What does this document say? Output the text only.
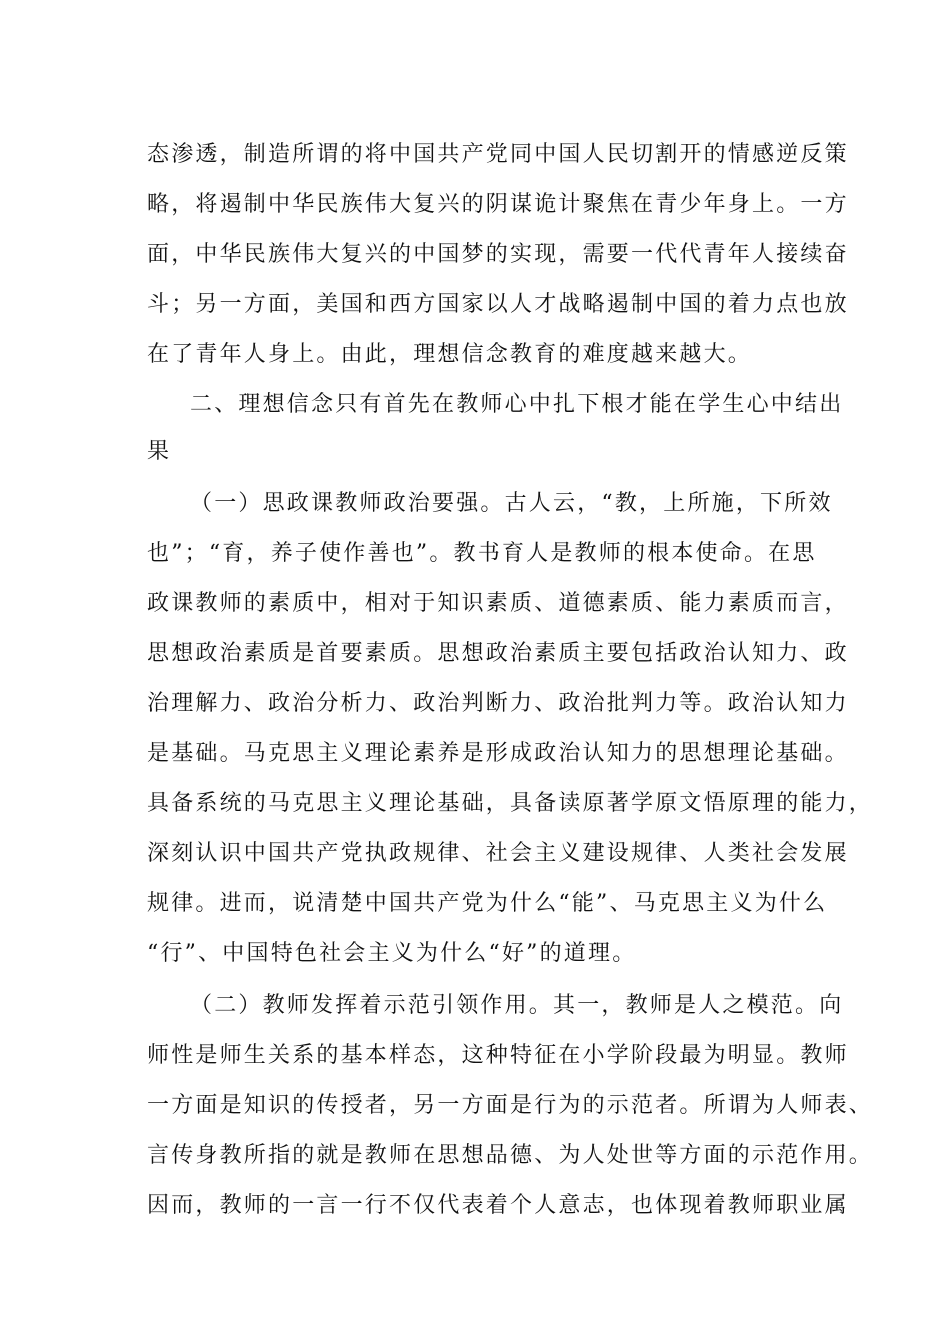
态渗透，制造所谓的将中国共产党同中国人民切割开的情感逆反策
略，将遏制中华民族伟大复兴的阴谋诡计聚焦在青少年身上。一方
面，中华民族伟大复兴的中国梦的实现，需要一代代青年人接续奋
斗；另一方面，美国和西方国家以人才战略遏制中国的着力点也放
在了青年人身上。由此，理想信念教育的难度越来越大。
二、理想信念只有首先在教师心中扎下根才能在学生心中结出
果
（一）思政课教师政治要强。古人云，“教，上所施，下所效
也”；“育，养子使作善也”。教书育人是教师的根本使命。在思
政课教师的素质中，相对于知识素质、道德素质、能力素质而言，
思想政治素质是首要素质。思想政治素质主要包括政治认知力、政
治理解力、政治分析力、政治判断力、政治批判力等。政治认知力
是基础。马克思主义理论素养是形成政治认知力的思想理论基础。
具备系统的马克思主义理论基础，具备读原著学原文悟原理的能力，
深刻认识中国共产党执政规律、社会主义建设规律、人类社会发展
规律。进而，说清楚中国共产党为什么“能”、马克思主义为什么
“行”、中国特色社会主义为什么“好”的道理。
（二）教师发挥着示范引领作用。其一，教师是人之模范。向
师性是师生关系的基本样态，这种特征在小学阶段最为明显。教师
一方面是知识的传授者，另一方面是行为的示范者。所谓为人师表、
言传身教所指的就是教师在思想品德、为人处世等方面的示范作用。
因而，教师的一言一行不仅代表着个人意志，也体现着教师职业属
